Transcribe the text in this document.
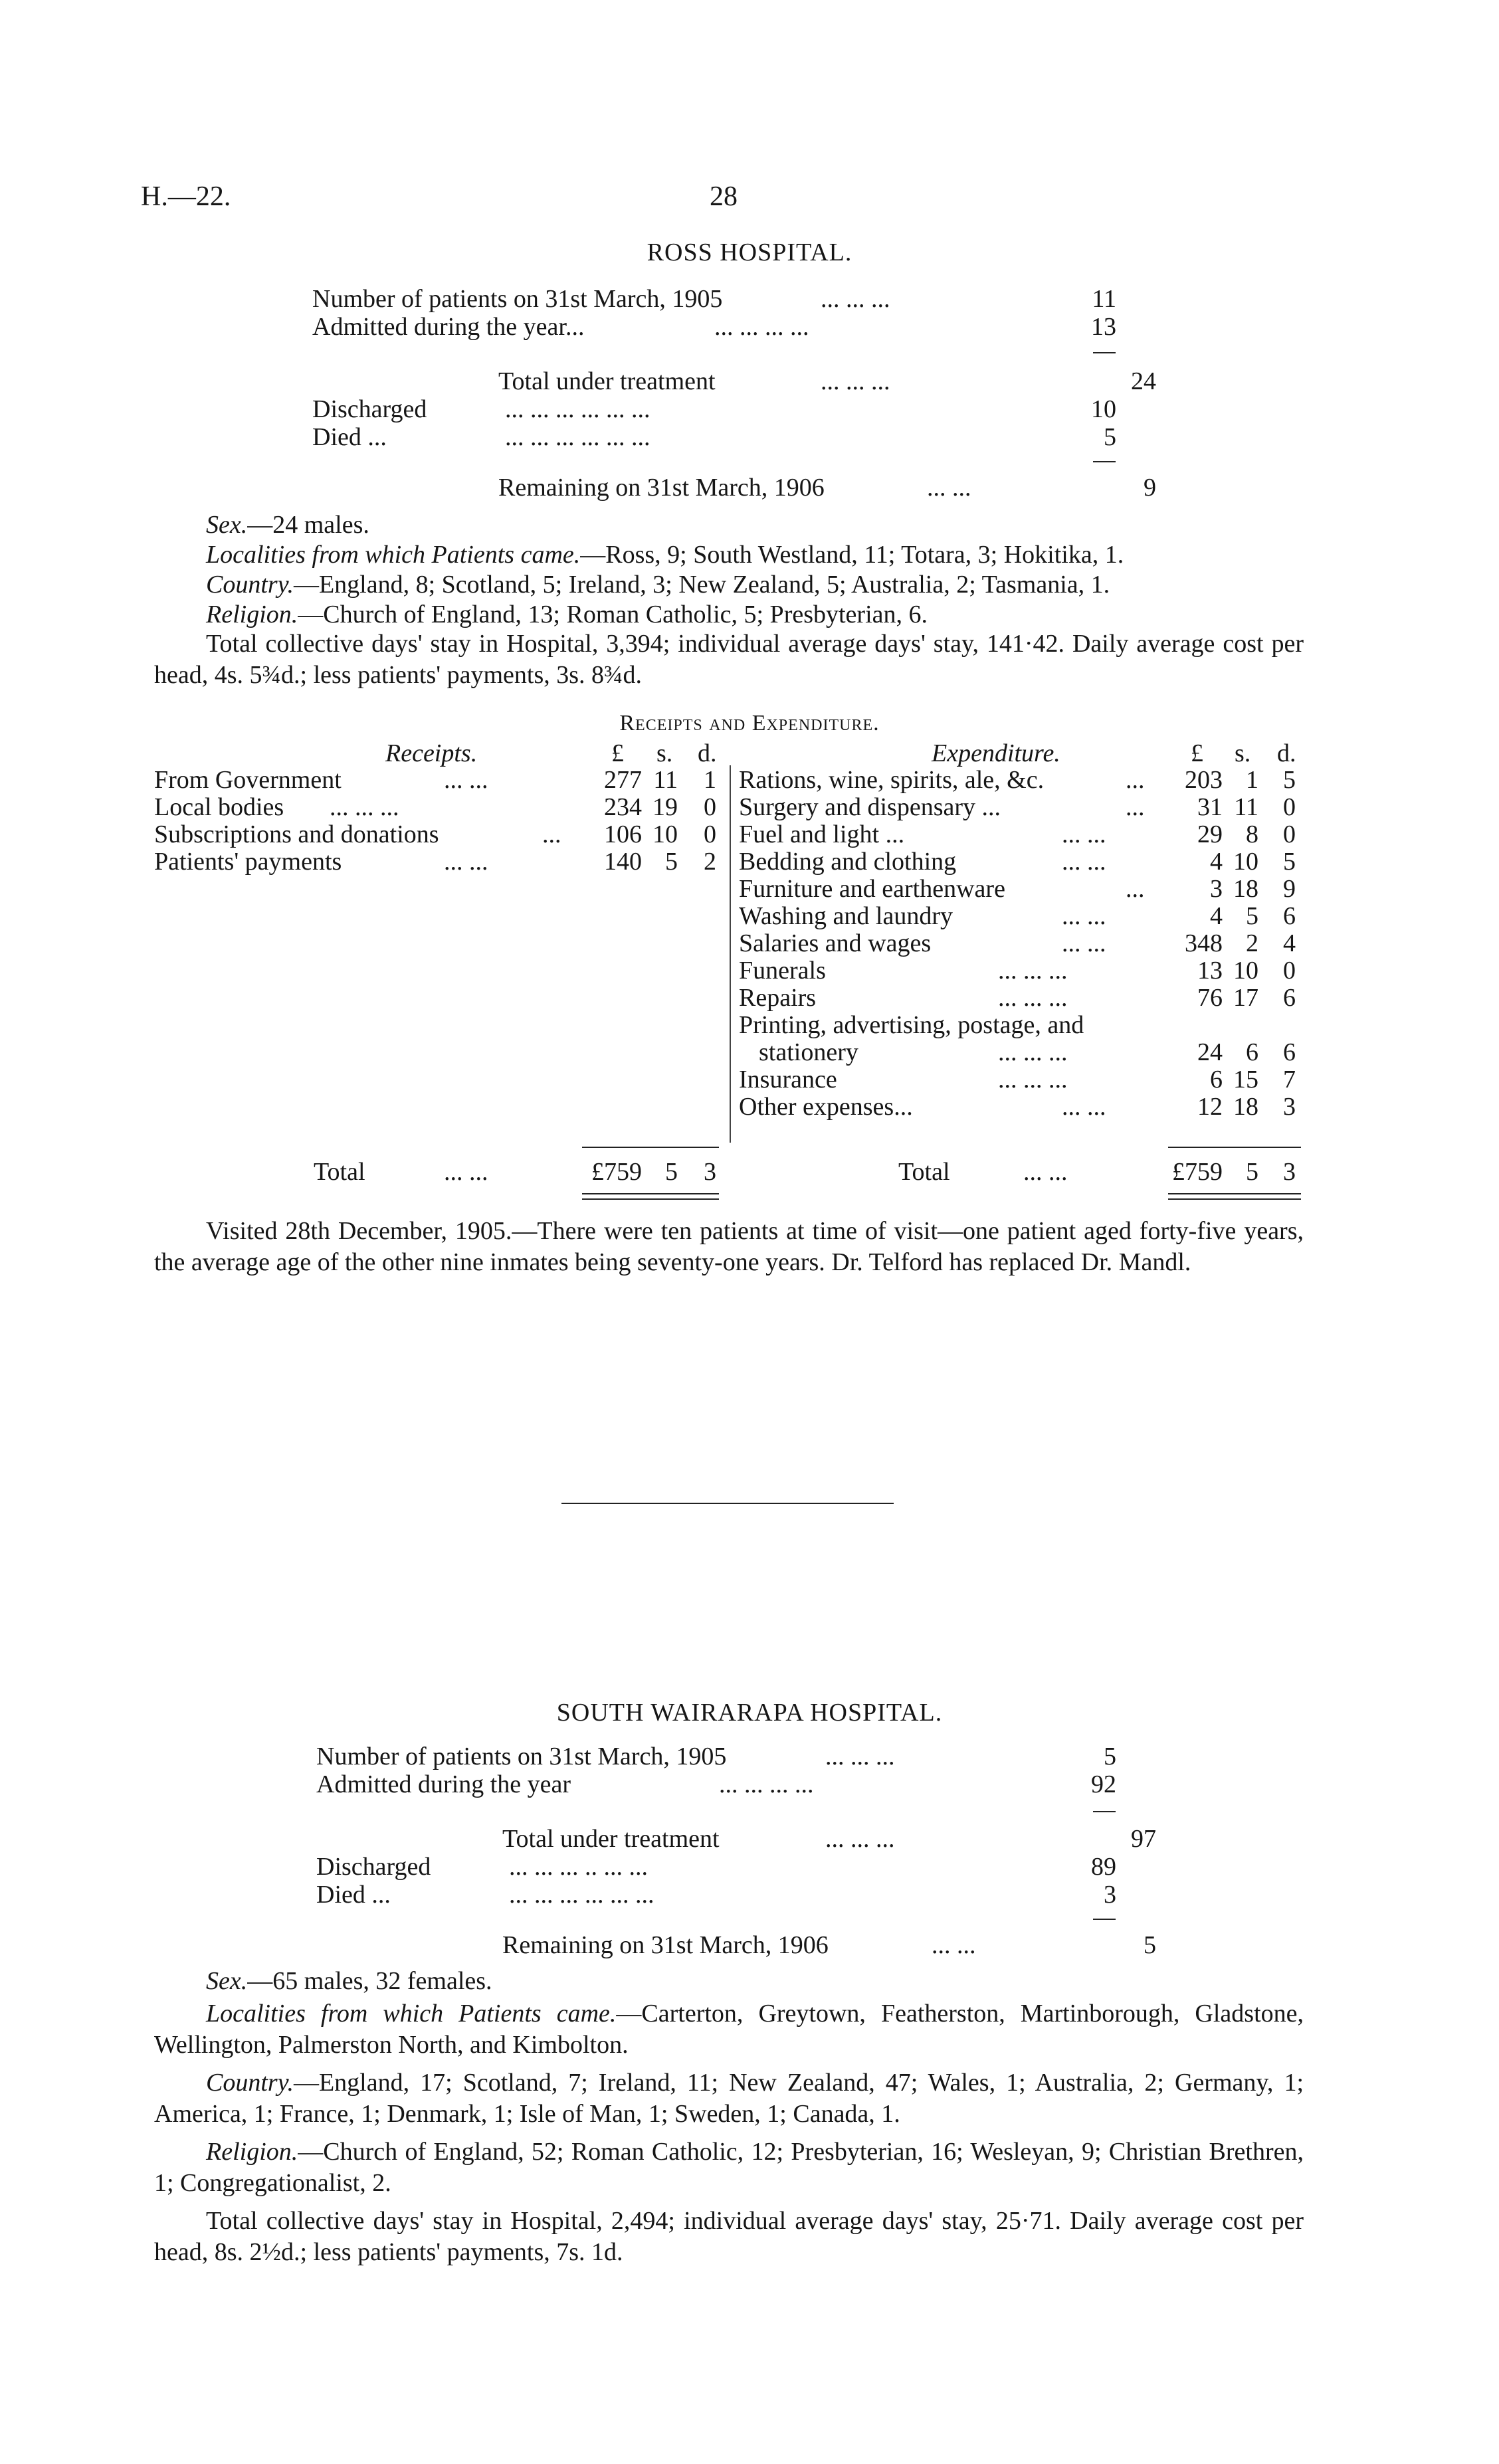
H.—22.	28
ROSS HOSPITAL.
Number of patients on 31st March, 1905	... ... ...	11
Admitted during the year...	... ... ... ...	13
Total under treatment	... ... ...	24
Discharged	... ... ... ... ... ...	10
Died ...	... ... ... ... ... ...	5
Remaining on 31st March, 1906	... ...	9
Sex.—24 males.
Localities from which Patients came.—Ross, 9; South Westland, 11; Totara, 3; Hokitika, 1.
Country.—England, 8; Scotland, 5; Ireland, 3; New Zealand, 5; Australia, 2; Tasmania, 1.
Religion.—Church of England, 13; Roman Catholic, 5; Presbyterian, 6.
Total collective days' stay in Hospital, 3,394; individual average days' stay, 141·42. Daily average cost per head, 4s. 5¾d.; less patients' payments, 3s. 8¾d.
Receipts and Expenditure.
Receipts.	Expenditure.
£ s. d.	£ s. d.
From Government	... ...	277 11	1
Local bodies ... ... ...	234 19	0
Subscriptions and donations	...	106 10	0
Patients' payments	... ...	140 5	2
Rations, wine, spirits, ale, &c.	...	203 1 5
Surgery and dispensary ...	...	31 11 0
Fuel and light ...	... ...	29 8 0
Bedding and clothing	... ...	4 10 5
Furniture and earthenware	...	3 18 9
Washing and laundry	... ...	4 5 6
Salaries and wages	... ...	348 2 4
Funerals	... ... ...	13 10 0
Repairs	... ... ...	76 17 6
Printing, advertising, postage, and
stationery	... ... ...	24 6 6
Insurance	... ... ...	6 15 7
Other expenses...	... ...	12 18 3
Total	... ...	£759 5	3	Total	... ...	£759 5 3
Visited 28th December, 1905.—There were ten patients at time of visit—one patient aged forty-five years, the average age of the other nine inmates being seventy-one years. Dr. Telford has replaced Dr. Mandl.
SOUTH WAIRARAPA HOSPITAL.
Number of patients on 31st March, 1905	... ... ...	5
Admitted during the year	... ... ... ...	92
Total under treatment	... ... ...	97
Discharged	... ... ... .. ... ...	89
Died ...	... ... ... ... ... ...	3
Remaining on 31st March, 1906	... ...	5
Sex.—65 males, 32 females.
Localities from which Patients came.—Carterton, Greytown, Featherston, Martinborough, Gladstone, Wellington, Palmerston North, and Kimbolton.
Country.—England, 17; Scotland, 7; Ireland, 11; New Zealand, 47; Wales, 1; Australia, 2; Germany, 1; America, 1; France, 1; Denmark, 1; Isle of Man, 1; Sweden, 1; Canada, 1.
Religion.—Church of England, 52; Roman Catholic, 12; Presbyterian, 16; Wesleyan, 9; Christian Brethren, 1; Congregationalist, 2.
Total collective days' stay in Hospital, 2,494; individual average days' stay, 25·71. Daily average cost per head, 8s. 2½d.; less patients' payments, 7s. 1d.
